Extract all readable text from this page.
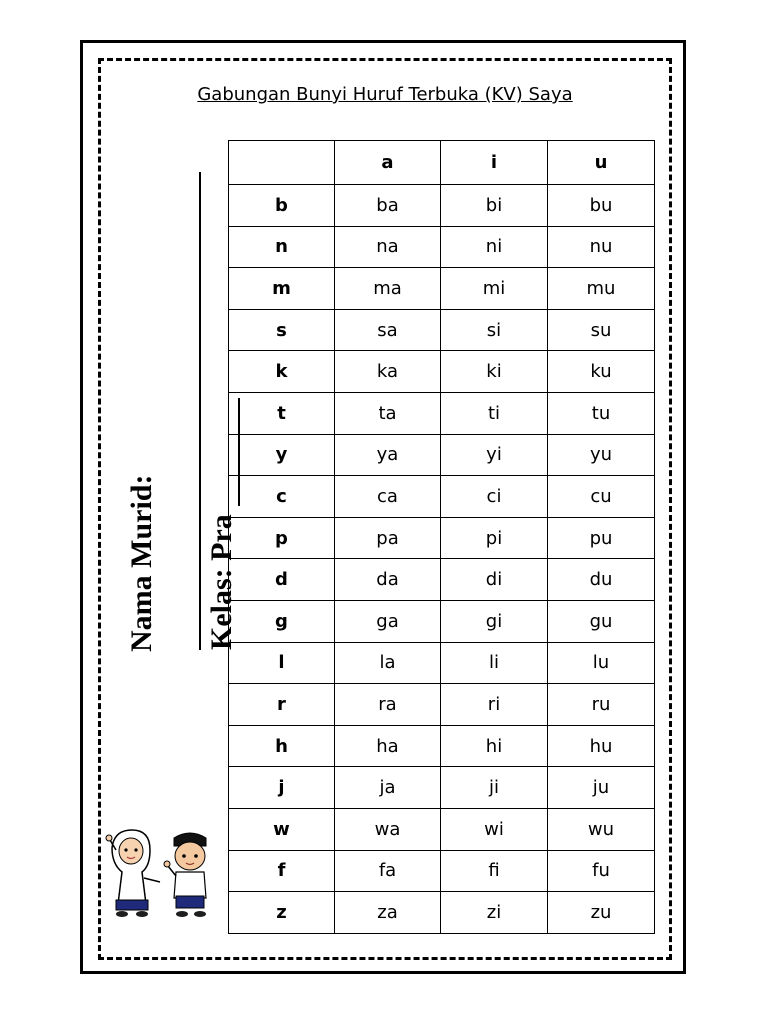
Gabungan Bunyi Huruf Terbuka (KV) Saya
Nama Murid: Kelas: Pra
	a	i	u
b	ba	bi	bu
n	na	ni	nu
m	ma	mi	mu
s	sa	si	su
k	ka	ki	ku
t	ta	ti	tu
y	ya	yi	yu
c	ca	ci	cu
p	pa	pi	pu
d	da	di	du
g	ga	gi	gu
l	la	li	lu
r	ra	ri	ru
h	ha	hi	hu
j	ja	ji	ju
w	wa	wi	wu
f	fa	fi	fu
z	za	zi	zu
